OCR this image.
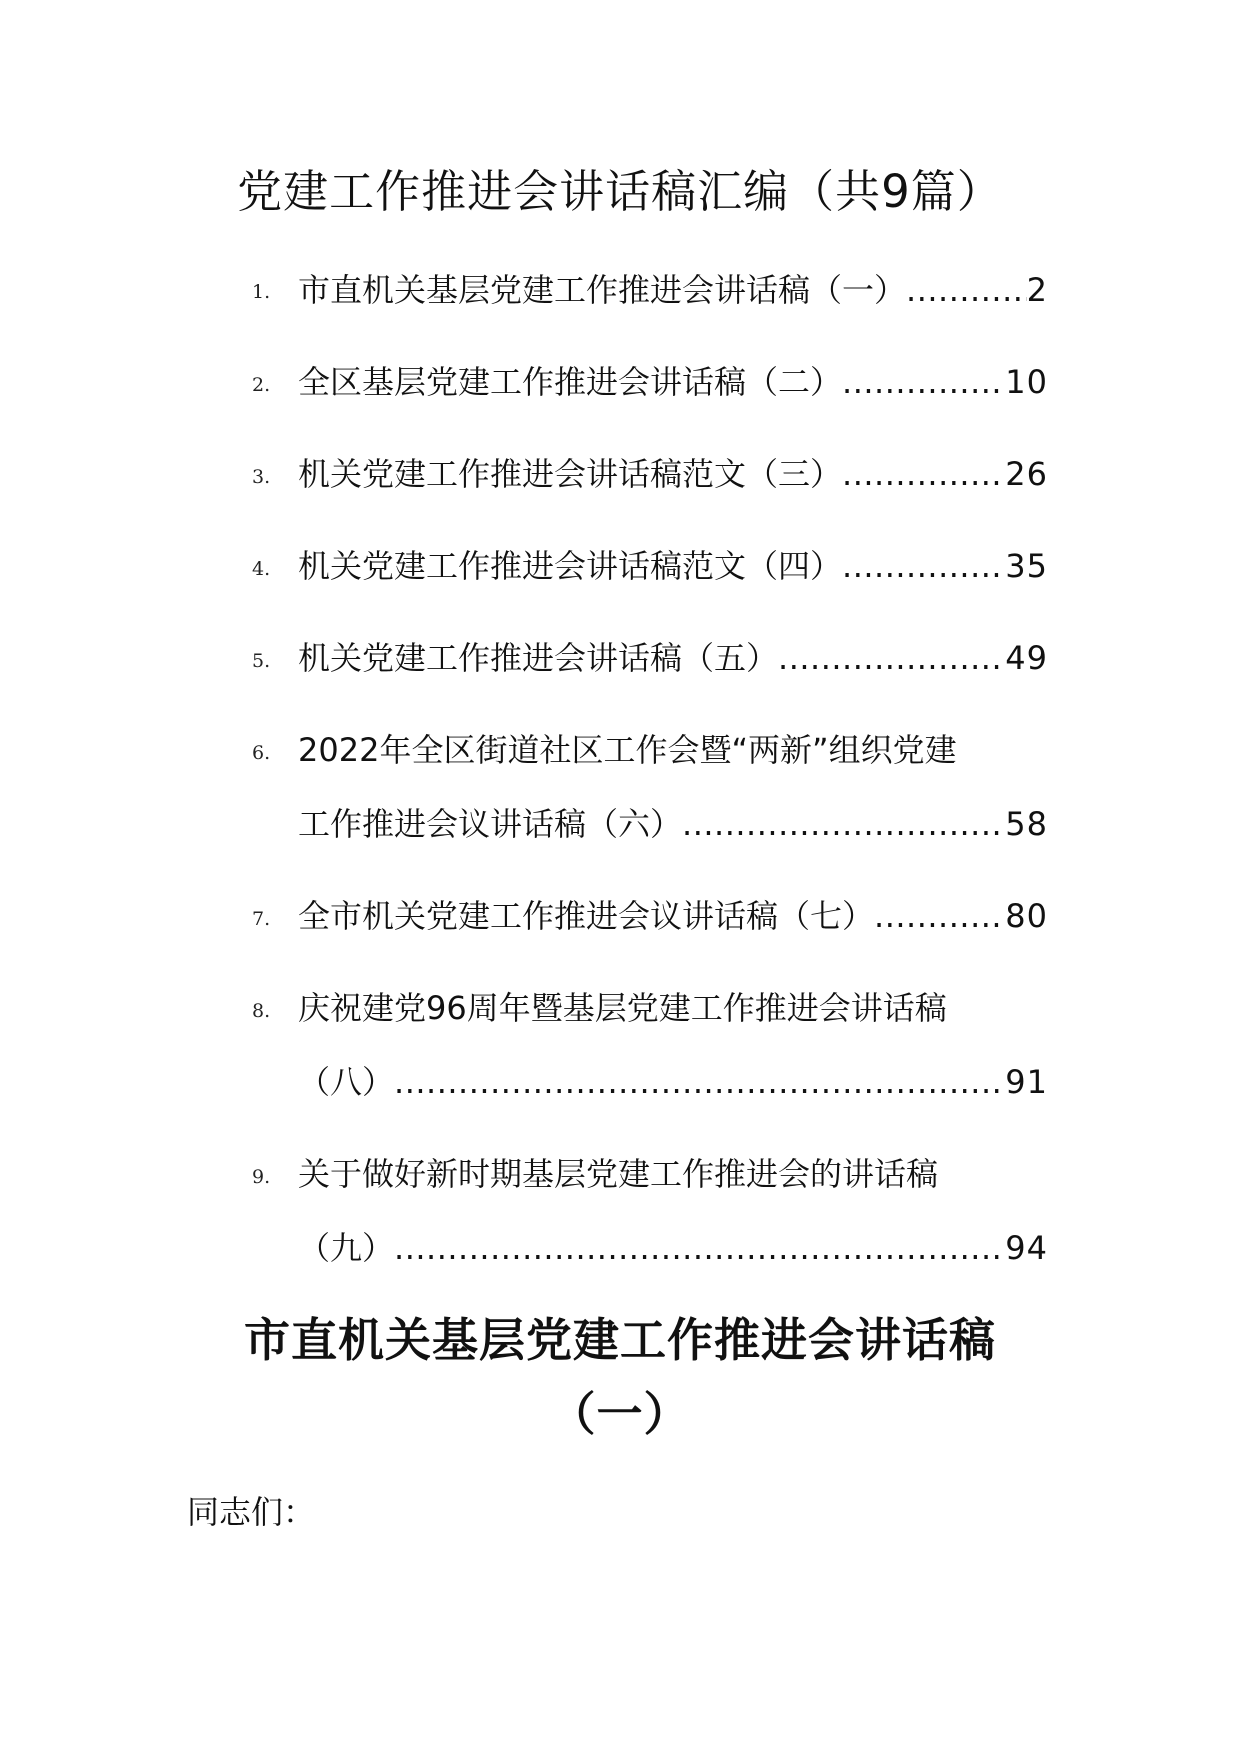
党建工作推进会讲话稿汇编（共9篇）
1. 市直机关基层党建工作推进会讲话稿（一） .....	2
2. 全区基层党建工作推进会讲话稿（二） .....	10
3. 机关党建工作推进会讲话稿范文（三） .....	26
4. 机关党建工作推进会讲话稿范文（四） .....	35
5. 机关党建工作推进会讲话稿（五） .....	49
6. 2022年全区街道社区工作会暨“两新”组织党建
工作推进会议讲话稿（六） .....	58
7. 全市机关党建工作推进会议讲话稿（七） .....	80
8. 庆祝建党96周年暨基层党建工作推进会讲话稿
（八） .....	91
9. 关于做好新时期基层党建工作推进会的讲话稿
（九） .....	94
市直机关基层党建工作推进会讲话稿
（一）

同志们：
